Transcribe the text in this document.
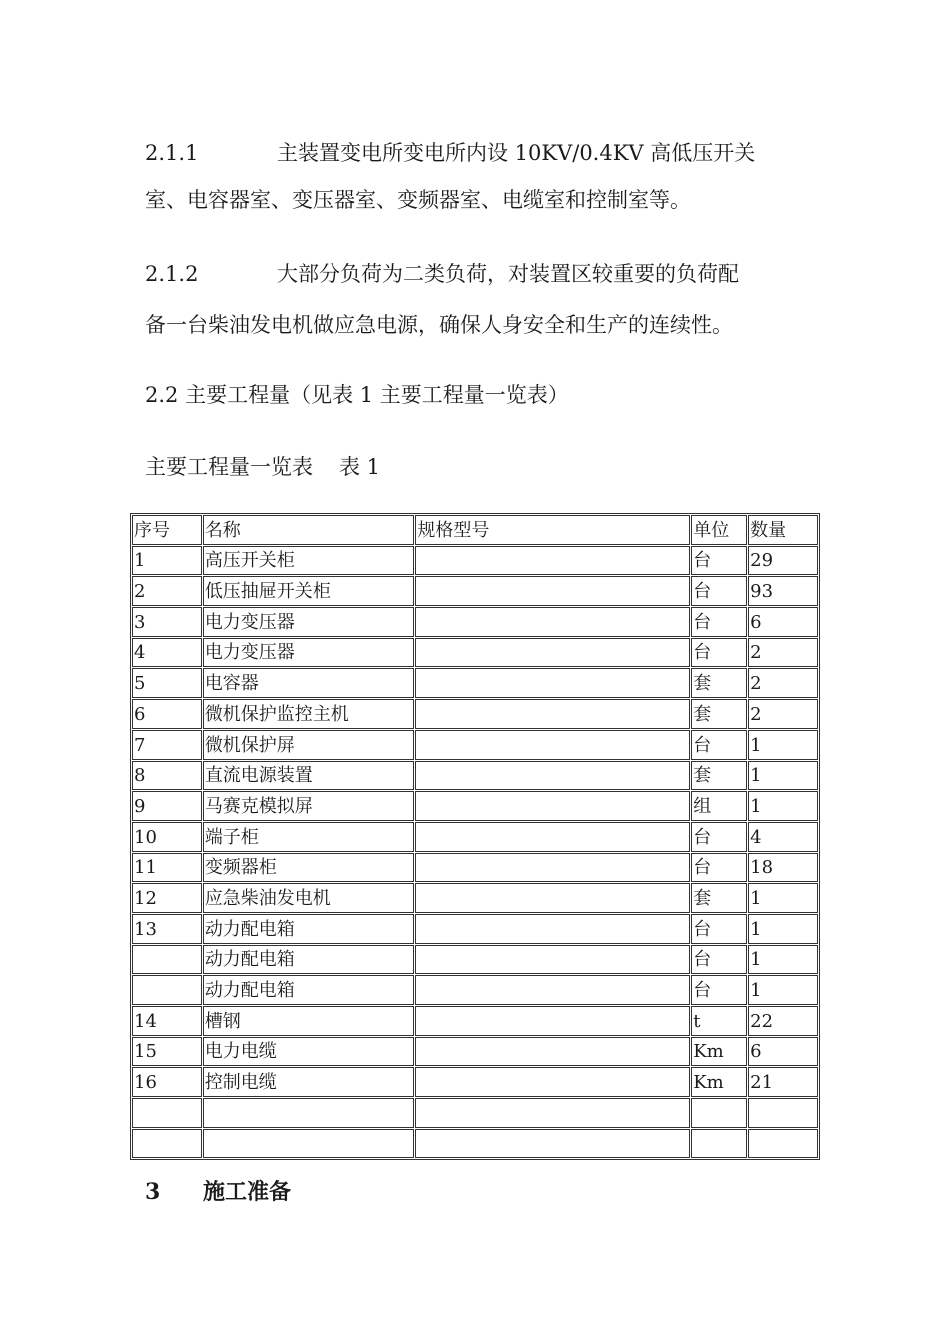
2.1.1	主装置变电所变电所内设 10KV/0.4KV 高低压开关
室、电容器室、变压器室、变频器室、电缆室和控制室等。
2.1.2	大部分负荷为二类负荷，对装置区较重要的负荷配
备一台柴油发电机做应急电源，确保人身安全和生产的连续性。
2.2 主要工程量（见表 1 主要工程量一览表）
主要工程量一览表 表 1
序号	名称	规格型号	单位	数量
1	高压开关柜		台	29
2	低压抽屉开关柜		台	93
3	电力变压器		台	6
4	电力变压器		台	2
5	电容器		套	2
6	微机保护监控主机		套	2
7	微机保护屏		台	1
8	直流电源装置		套	1
9	马赛克模拟屏		组	1
10	端子柜		台	4
11	变频器柜		台	18
12	应急柴油发电机		套	1
13	动力配电箱		台	1
	动力配电箱		台	1
	动力配电箱		台	1
14	槽钢		t	22
15	电力电缆		Km	6
16	控制电缆		Km	21

3 施工准备
